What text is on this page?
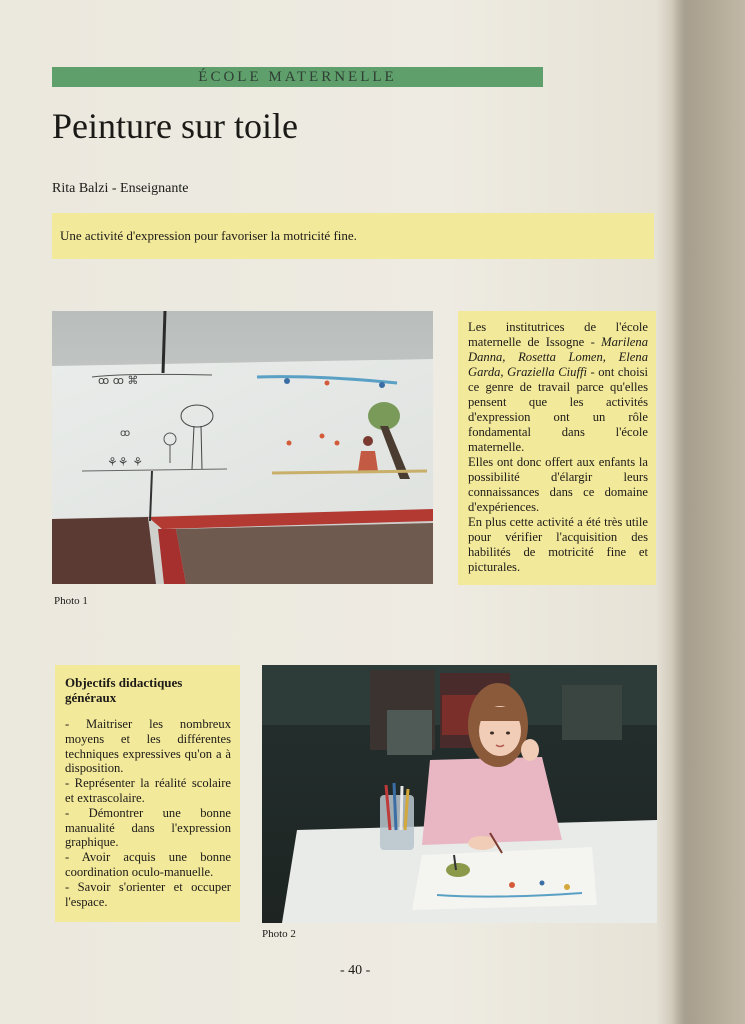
ÉCOLE MATERNELLE
Peinture sur toile
Rita Balzi - Enseignante
Une activité d'expression pour favoriser la motricité fine.
ꝏ ꝏ ⌘
ꝏ
⚘⚘ ⚘
Photo 1

Les institutrices de l'école maternelle de Issogne - Marilena Danna, Rosetta Lomen, Elena Garda, Graziella Ciuffi - ont choisi ce genre de travail parce qu'elles pensent que les activités d'expression ont un rôle fondamental dans l'école maternelle.

Elles ont donc offert aux enfants la possibilité d'élargir leurs connaissances dans ce domaine d'expériences.

En plus cette activité a été très utile pour vérifier l'acquisition des habilités de motricité fine et picturales.

Objectifs didactiques généraux

- Maitriser les nombreux moyens et les différentes techniques expressives qu'on a à disposition.

- Représenter la réalité scolaire et extrascolaire.

- Démontrer une bonne manualité dans l'expression graphique.

- Avoir acquis une bonne coordination oculo-manuelle.

- Savoir s'orienter et occuper l'espace.

Photo 2
- 40 -
